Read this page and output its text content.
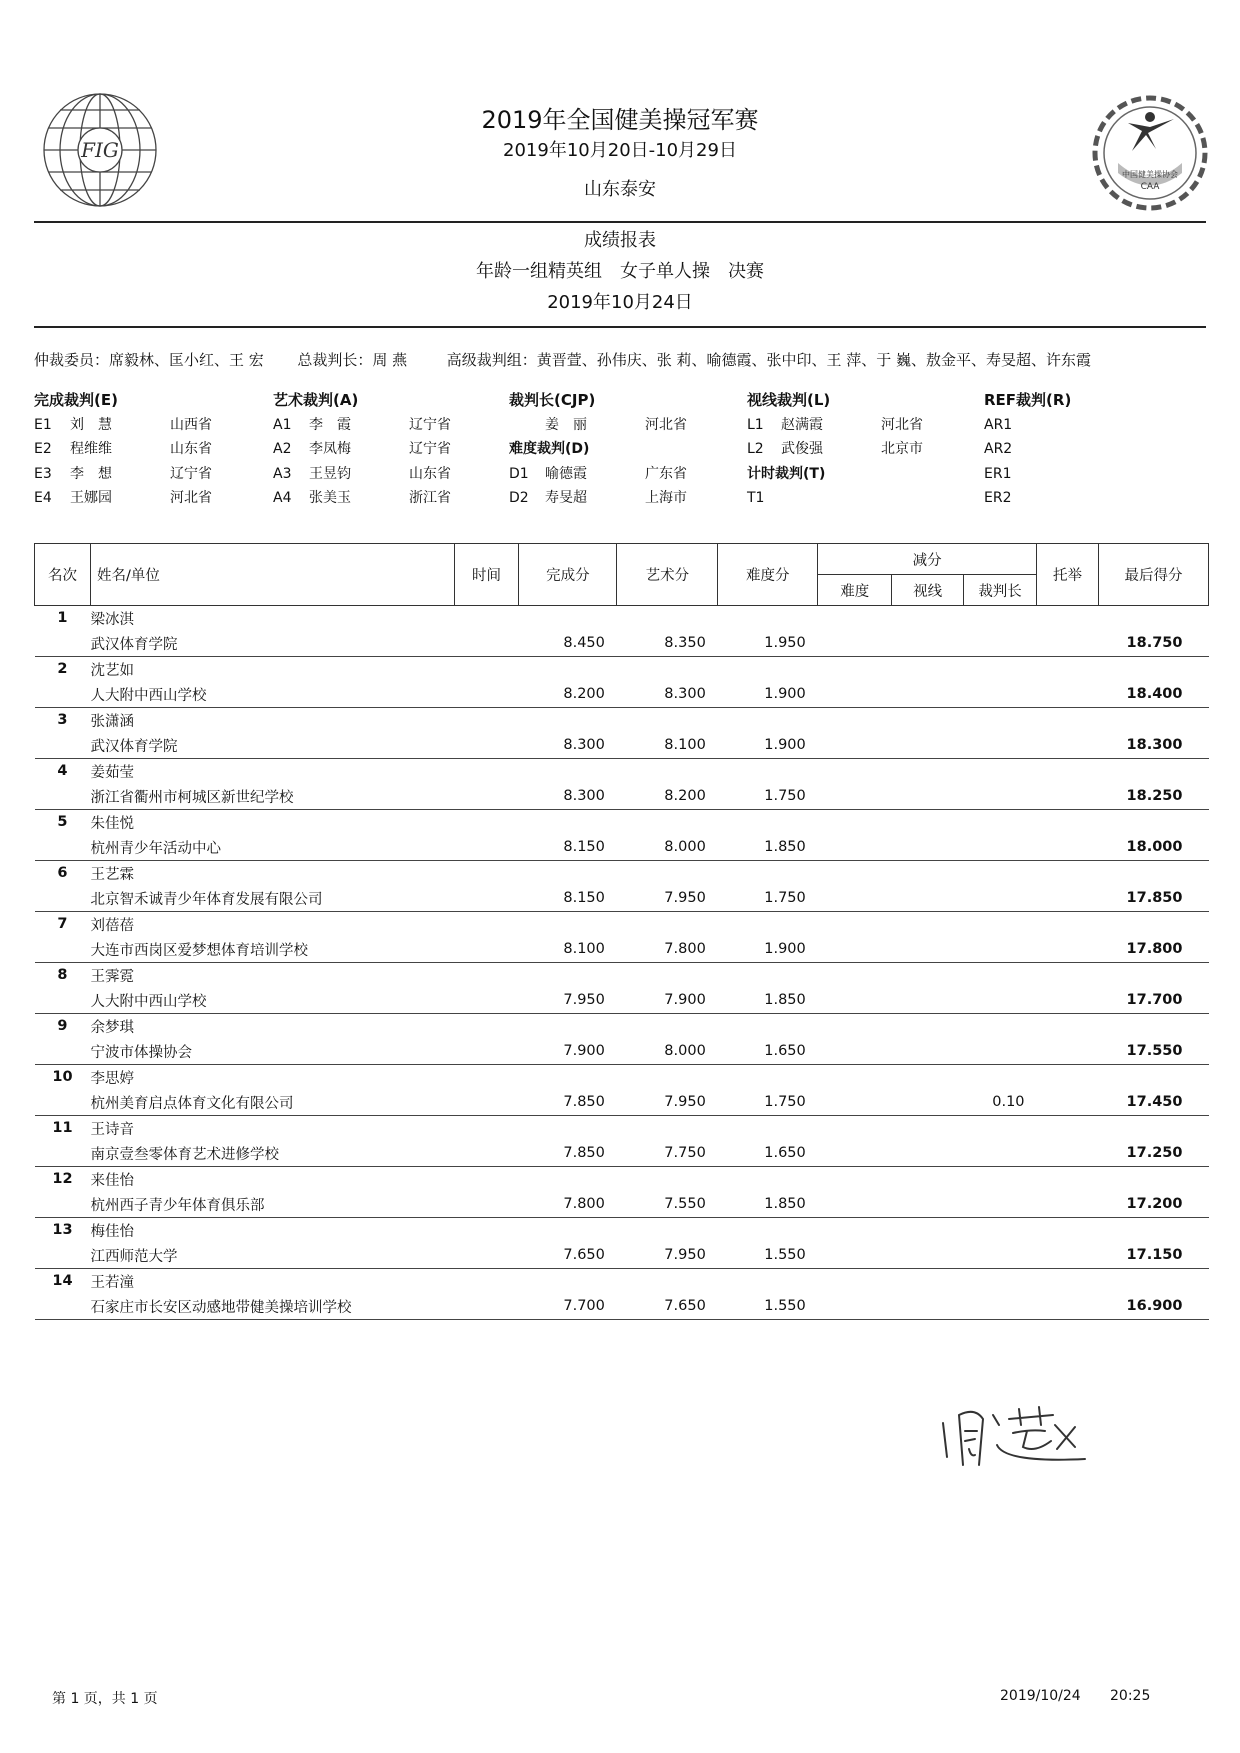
FIG
中国健美操协会
CAA
2019年全国健美操冠军赛
2019年10月20日-10月29日
山东泰安
成绩报表
年龄一组精英组　女子单人操　决赛
2019年10月24日
仲裁委员：席毅林、匡小红、王 宏 总裁判长：周 燕	高级裁判组：黄晋萱、孙伟庆、张 莉、喻德霞、张中印、王 萍、于 巍、敖金平、寿旻超、许东霞
完成裁判(E)
E1 刘　慧	山西省
E2 程维维	山东省
E3 李　想	辽宁省
E4 王娜园	河北省
艺术裁判(A)
A1 李　霞	辽宁省
A2 李凤梅	辽宁省
A3 王昱钧	山东省
A4 张美玉	浙江省
裁判长(CJP)
姜　丽	河北省
难度裁判(D)
D1 喻德霞	广东省
D2 寿旻超	上海市
视线裁判(L)
L1 赵满霞	河北省
L2 武俊强	北京市
计时裁判(T)
T1
REF裁判(R)
AR1
AR2
ER1
ER2
名次	姓名/单位	时间	完成分	艺术分	难度分	减分			托举	最后得分
						难度	视线	裁判长		
1	梁冰淇									
	武汉体育学院		8.450	8.350	1.950					18.750
2	沈艺如									
	人大附中西山学校		8.200	8.300	1.900					18.400
3	张潇涵									
	武汉体育学院		8.300	8.100	1.900					18.300
4	姜茹莹									
	浙江省衢州市柯城区新世纪学校		8.300	8.200	1.750					18.250
5	朱佳悦									
	杭州青少年活动中心		8.150	8.000	1.850					18.000
6	王艺霖									
	北京智禾诚青少年体育发展有限公司		8.150	7.950	1.750					17.850
7	刘蓓蓓									
	大连市西岗区爱梦想体育培训学校		8.100	7.800	1.900					17.800
8	王霁霓									
	人大附中西山学校		7.950	7.900	1.850					17.700
9	余梦琪									
	宁波市体操协会		7.900	8.000	1.650					17.550
10	李思婷									
	杭州美育启点体育文化有限公司		7.850	7.950	1.750			0.10		17.450
11	王诗音									
	南京壹叁零体育艺术进修学校		7.850	7.750	1.650					17.250
12	来佳怡									
	杭州西子青少年体育俱乐部		7.800	7.550	1.850					17.200
13	梅佳怡									
	江西师范大学		7.650	7.950	1.550					17.150
14	王若潼									
	石家庄市长安区动感地带健美操培训学校		7.700	7.650	1.550					16.900
第 1 页，共 1 页	2019/10/24 20:25
